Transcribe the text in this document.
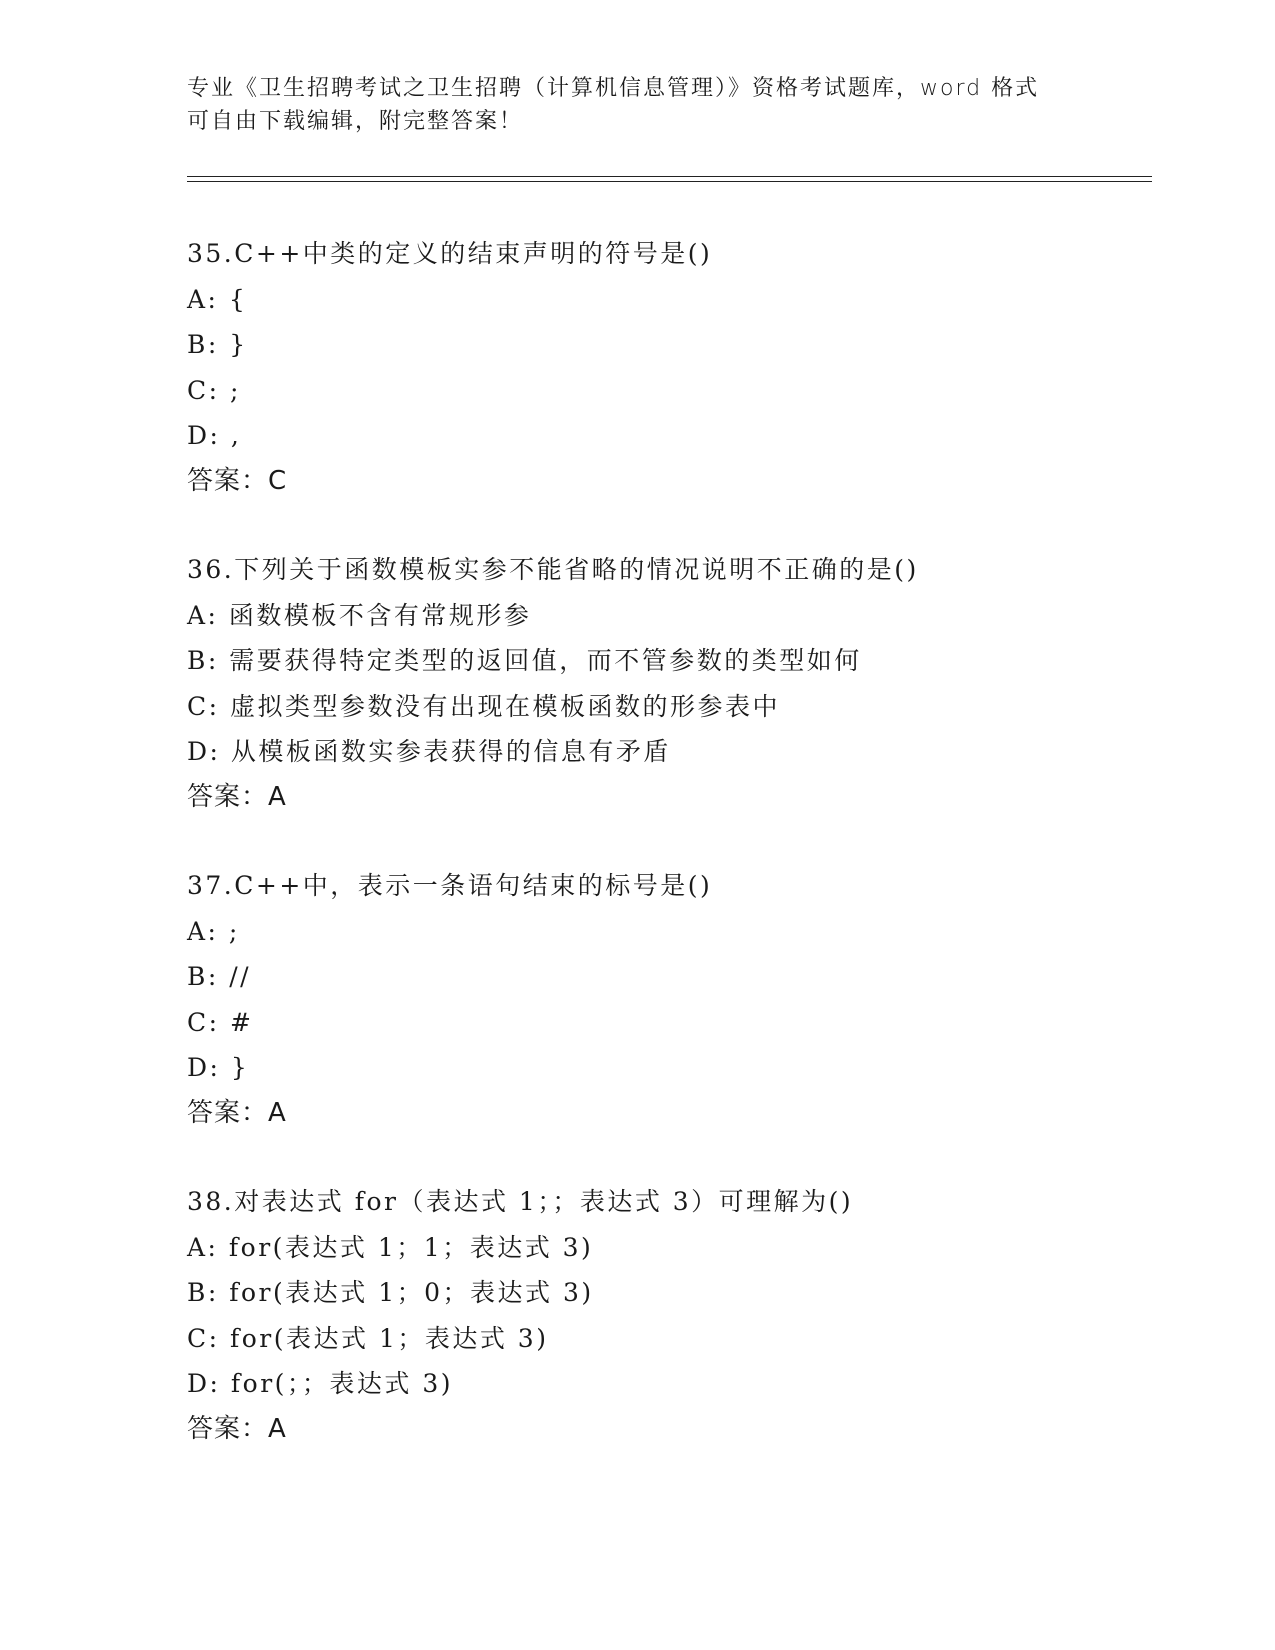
专业《卫生招聘考试之卫生招聘（计算机信息管理）》资格考试题库，word 格式
可自由下载编辑，附完整答案！
35.C++中类的定义的结束声明的符号是()
A: {
B: }
C: ;
D: ,
答案：C
36.下列关于函数模板实参不能省略的情况说明不正确的是()
A: 函数模板不含有常规形参
B: 需要获得特定类型的返回值，而不管参数的类型如何
C: 虚拟类型参数没有出现在模板函数的形参表中
D: 从模板函数实参表获得的信息有矛盾
答案：A
37.C++中，表示一条语句结束的标号是()
A: ;
B: //
C: #
D: }
答案：A
38.对表达式 for（表达式 1；；表达式 3）可理解为()
A: for(表达式 1；1；表达式 3)
B: for(表达式 1；0；表达式 3)
C: for(表达式 1；表达式 3)
D: for(；；表达式 3)
答案：A
